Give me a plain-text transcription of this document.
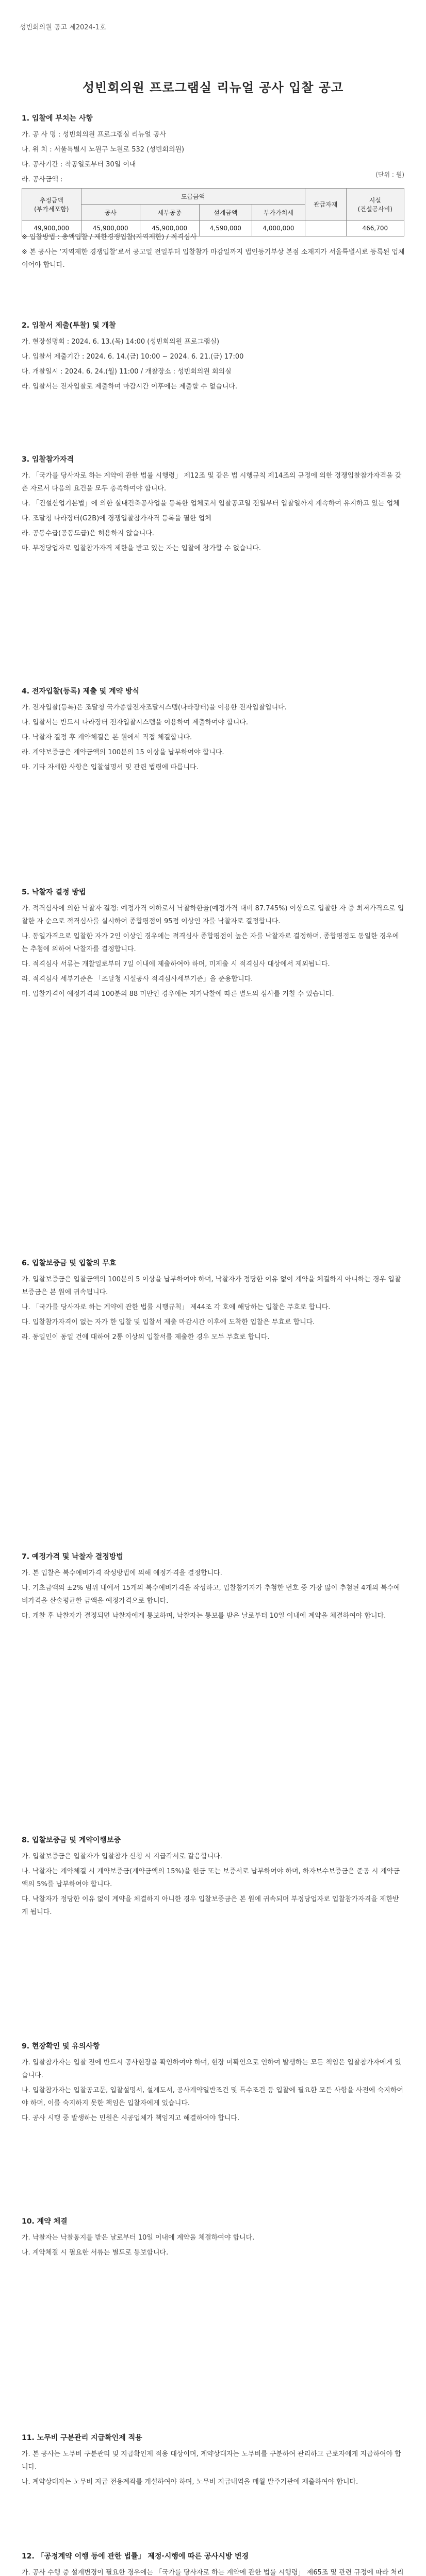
성빈회의원 공고 제2024-1호
성빈회의원 프로그램실 리뉴얼 공사 입찰 공고
1. 입찰에 부치는 사항

가. 공 사 명 : 성빈회의원 프로그램실 리뉴얼 공사

나. 위 치 : 서울특별시 노원구 노원로 532 (성빈회의원)

다. 공사기간 : 착공일로부터 30일 이내

라. 공사금액 :

(단위 : 원)
추정금액
(부가세포함)	도급금액				관급자재	시설
(건설공사비)
	공사	세부공종	설계금액	부가가치세		
49,900,000	45,900,000	45,900,000	4,590,000	4,000,000		466,700

※ 입찰방법 : 총액입찰 / 제한경쟁입찰(지역제한) / 적격심사

※ 본 공사는 ‘지역제한 경쟁입찰’로서 공고일 전일부터 입찰참가 마감일까지 법인등기부상 본점 소재지가 서울특별시로 등록된 업체이어야 합니다.

2. 입찰서 제출(투찰) 및 개찰

가. 현장설명회 : 2024. 6. 13.(목) 14:00 (성빈회의원 프로그램실)

나. 입찰서 제출기간 : 2024. 6. 14.(금) 10:00 ~ 2024. 6. 21.(금) 17:00

다. 개찰일시 : 2024. 6. 24.(월) 11:00 / 개찰장소 : 성빈회의원 회의실

라. 입찰서는 전자입찰로 제출하며 마감시간 이후에는 제출할 수 없습니다.

3. 입찰참가자격

가. 「국가를 당사자로 하는 계약에 관한 법률 시행령」 제12조 및 같은 법 시행규칙 제14조의 규정에 의한 경쟁입찰참가자격을 갖춘 자로서 다음의 요건을 모두 충족하여야 합니다.

나. 「건설산업기본법」에 의한 실내건축공사업을 등록한 업체로서 입찰공고일 전일부터 입찰일까지 계속하여 유지하고 있는 업체

다. 조달청 나라장터(G2B)에 경쟁입찰참가자격 등록을 필한 업체

라. 공동수급(공동도급)은 허용하지 않습니다.

마. 부정당업자로 입찰참가자격 제한을 받고 있는 자는 입찰에 참가할 수 없습니다.

4. 전자입찰(등록) 제출 및 계약 방식

가. 전자입찰(등록)은 조달청 국가종합전자조달시스템(나라장터)을 이용한 전자입찰입니다.

나. 입찰서는 반드시 나라장터 전자입찰시스템을 이용하여 제출하여야 합니다.

다. 낙찰자 결정 후 계약체결은 본 원에서 직접 체결합니다.

라. 계약보증금은 계약금액의 100분의 15 이상을 납부하여야 합니다.

마. 기타 자세한 사항은 입찰설명서 및 관련 법령에 따릅니다.

5. 낙찰자 결정 방법

가. 적격심사에 의한 낙찰자 결정: 예정가격 이하로서 낙찰하한율(예정가격 대비 87.745%) 이상으로 입찰한 자 중 최저가격으로 입찰한 자 순으로 적격심사를 실시하여 종합평점이 95점 이상인 자를 낙찰자로 결정합니다.

나. 동일가격으로 입찰한 자가 2인 이상인 경우에는 적격심사 종합평점이 높은 자를 낙찰자로 결정하며, 종합평점도 동일한 경우에는 추첨에 의하여 낙찰자를 결정합니다.

다. 적격심사 서류는 개찰일로부터 7일 이내에 제출하여야 하며, 미제출 시 적격심사 대상에서 제외됩니다.

라. 적격심사 세부기준은 「조달청 시설공사 적격심사세부기준」을 준용합니다.

마. 입찰가격이 예정가격의 100분의 88 미만인 경우에는 저가낙찰에 따른 별도의 심사를 거칠 수 있습니다.

6. 입찰보증금 및 입찰의 무효

가. 입찰보증금은 입찰금액의 100분의 5 이상을 납부하여야 하며, 낙찰자가 정당한 이유 없이 계약을 체결하지 아니하는 경우 입찰보증금은 본 원에 귀속됩니다.

나. 「국가를 당사자로 하는 계약에 관한 법률 시행규칙」 제44조 각 호에 해당하는 입찰은 무효로 합니다.

다. 입찰참가자격이 없는 자가 한 입찰 및 입찰서 제출 마감시간 이후에 도착한 입찰은 무효로 합니다.

라. 동일인이 동일 건에 대하여 2통 이상의 입찰서를 제출한 경우 모두 무효로 합니다.

7. 예정가격 및 낙찰자 결정방법

가. 본 입찰은 복수예비가격 작성방법에 의해 예정가격을 결정합니다.

나. 기초금액의 ±2% 범위 내에서 15개의 복수예비가격을 작성하고, 입찰참가자가 추첨한 번호 중 가장 많이 추첨된 4개의 복수예비가격을 산술평균한 금액을 예정가격으로 합니다.

다. 개찰 후 낙찰자가 결정되면 낙찰자에게 통보하며, 낙찰자는 통보를 받은 날로부터 10일 이내에 계약을 체결하여야 합니다.

8. 입찰보증금 및 계약이행보증

가. 입찰보증금은 입찰자가 입찰참가 신청 시 지급각서로 갈음합니다.

나. 낙찰자는 계약체결 시 계약보증금(계약금액의 15%)을 현금 또는 보증서로 납부하여야 하며, 하자보수보증금은 준공 시 계약금액의 5%를 납부하여야 합니다.

다. 낙찰자가 정당한 이유 없이 계약을 체결하지 아니한 경우 입찰보증금은 본 원에 귀속되며 부정당업자로 입찰참가자격을 제한받게 됩니다.

9. 현장확인 및 유의사항

가. 입찰참가자는 입찰 전에 반드시 공사현장을 확인하여야 하며, 현장 미확인으로 인하여 발생하는 모든 책임은 입찰참가자에게 있습니다.

나. 입찰참가자는 입찰공고문, 입찰설명서, 설계도서, 공사계약일반조건 및 특수조건 등 입찰에 필요한 모든 사항을 사전에 숙지하여야 하며, 이를 숙지하지 못한 책임은 입찰자에게 있습니다.

다. 공사 시행 중 발생하는 민원은 시공업체가 책임지고 해결하여야 합니다.

10. 계약 체결

가. 낙찰자는 낙찰통지를 받은 날로부터 10일 이내에 계약을 체결하여야 합니다.

나. 계약체결 시 필요한 서류는 별도로 통보합니다.

11. 노무비 구분관리 지급확인제 적용

가. 본 공사는 노무비 구분관리 및 지급확인제 적용 대상이며, 계약상대자는 노무비를 구분하여 관리하고 근로자에게 지급하여야 합니다.

나. 계약상대자는 노무비 지급 전용계좌를 개설하여야 하며, 노무비 지급내역을 매월 발주기관에 제출하여야 합니다.

12. 「공정계약 이행 등에 관한 법률」 제정·시행에 따른 공사시방 변경

가. 공사 수행 중 설계변경이 필요한 경우에는 「국가를 당사자로 하는 계약에 관한 법률 시행령」 제65조 및 관련 규정에 따라 처리
